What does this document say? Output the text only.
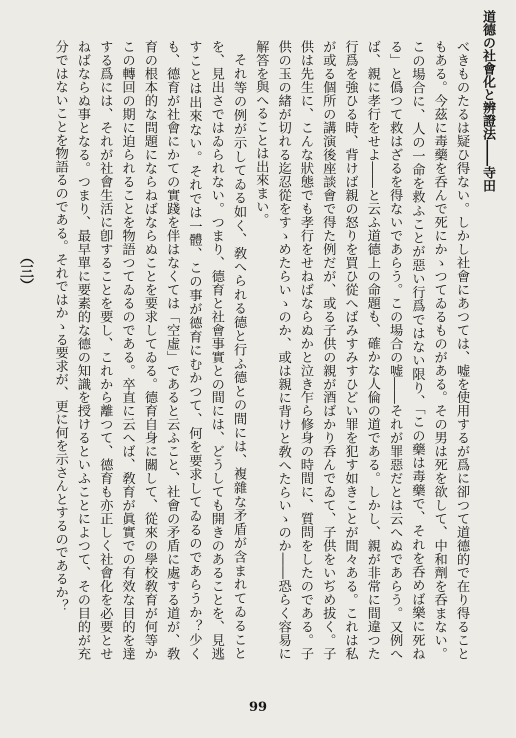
道德の社會化と辨證法――寺田

べきものたるは疑ひ得ない。しかし社會にあつては、嘘を使用するが爲に卻つて道德的で在り得ることもある。今茲に毒藥を呑んで死にかゝつてゐるものがある。その男は死を欲して、中和劑を呑まない。この場合に、人の一命を救ふことが惡い行爲ではない限り、「この藥は毒藥で、それを呑めば樂に死ねる」と僞つて救はざるを得ないであらう。この場合の嘘――それが罪惡だとは云へぬであらう。又例へば、親に孝行をせよ――と云ふ道德上の命題も、確かな人倫の道である。しかし、親が非常に間違つた行爲を強ひる時、背けば親の怒りを買ひ從へばみすみすひどい罪を犯す如きことが間々ある。これは私が或る個所の講演後座談會で得た例だが、或る子供の親が酒ばかり呑んでゐて、子供をいぢめ拔く。子供は先生に、こんな狀態でも孝行をせねばならぬかと泣き乍ら修身の時間に、質問をしたのである。子供の玉の緖が切れる迄忍從をすゝめたらいゝのか、或は親に背けと敎へたらいゝのか――恐らく容易に解答を與へることは出來まい。

それ等の例が示してゐる如く、敎へられる德と行ふ德との間には、複雜な矛盾が含まれてゐることを、見出さではゐられない。つまり、德育と社會事實との間には、どうしても開きのあることを、見逃すことは出來ない。それでは一體、この事が德育にむかつて、何を要求してゐるのであらうか？少くも、德育が社會にかての實踐を伴はなくては「空虛」であると云ふこと、社會の矛盾に處する道が、敎育の根本的な問題にならねばならぬことを要求してゐる。德育自身に關して、從來の學校敎育が何等かこの轉回の期に迫られることを物語つてゐるのである。卒直に云へば、敎育が眞實での有效な目的を達する爲には、それが社會生活に卽することを要し、これから離つて、德育も亦正しく社會化を必要とせねばならぬ事となる。つまり、最早單に要素的な德の知識を授けるといふことによつて、その目的が充分ではないことを物語るのである。それではかゝる要求が、更に何を示さんとするのであるか？

（三）
99
